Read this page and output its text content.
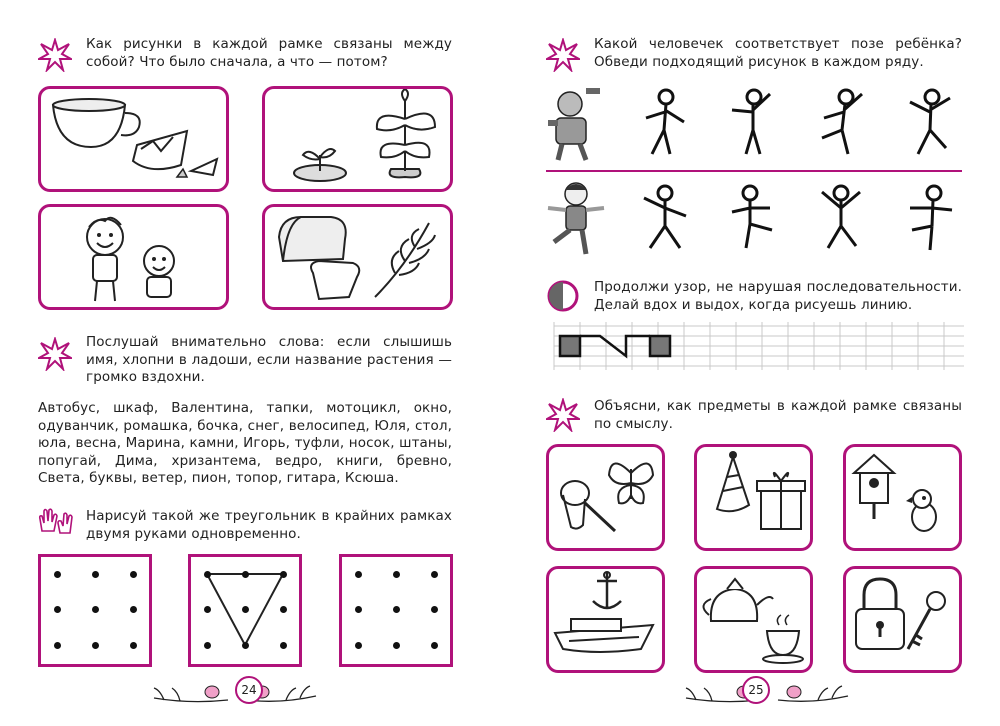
Как рисунки в каждой рамке связаны между собой? Что было сначала, а что — потом?
Послушай внимательно слова: если слышишь имя, хлопни в ладоши, если название растения — громко вздохни.
Автобус, шкаф, Валентина, тапки, мотоцикл, окно, одуванчик, ромашка, бочка, снег, велосипед, Юля, стол, юла, весна, Марина, камни, Игорь, туфли, носок, штаны, попугай, Дима, хризантема, ведро, книги, бревно, Света, буквы, ветер, пион, топор, гитара, Ксюша.
Нарисуй такой же треугольник в крайних рамках двумя руками одновременно.
24
Какой человечек соответствует позе ребёнка? Обведи подходящий рисунок в каждом ряду.
Продолжи узор, не нарушая последовательности. Делай вдох и выдох, когда рисуешь линию.
Объясни, как предметы в каждой рамке связаны по смыслу.
25
